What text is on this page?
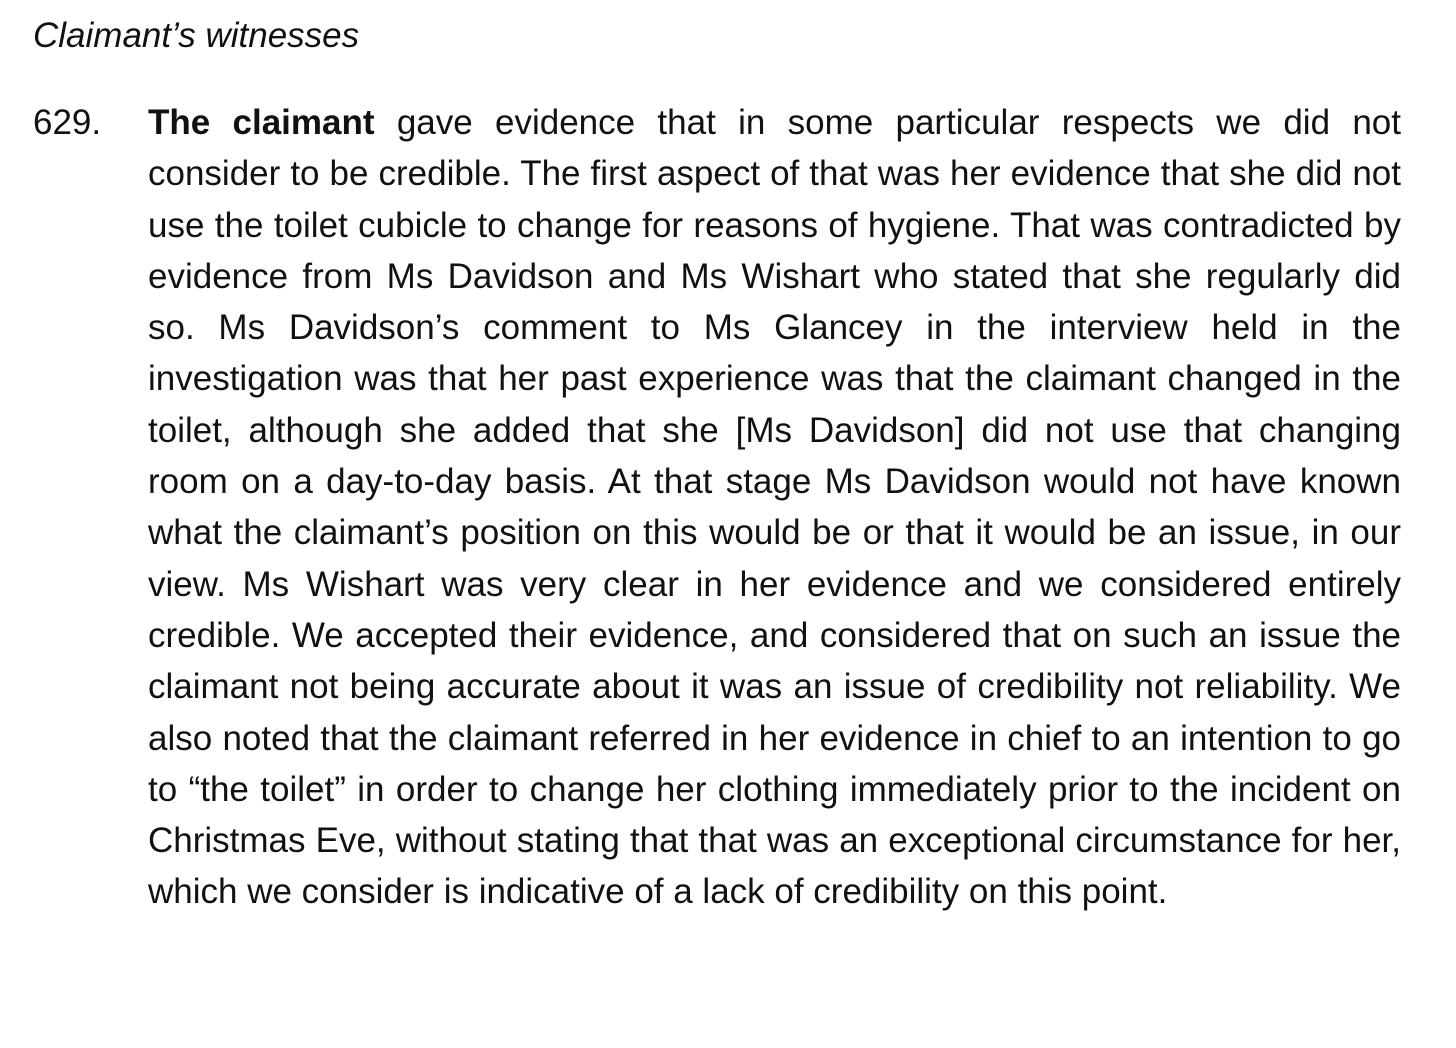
Claimant’s witnesses
629. The claimant gave evidence that in some particular respects we did not consider to be credible. The first aspect of that was her evidence that she did not use the toilet cubicle to change for reasons of hygiene. That was contradicted by evidence from Ms Davidson and Ms Wishart who stated that she regularly did so. Ms Davidson’s comment to Ms Glancey in the interview held in the investigation was that her past experience was that the claimant changed in the toilet, although she added that she [Ms Davidson] did not use that changing room on a day-to-day basis. At that stage Ms Davidson would not have known what the claimant’s position on this would be or that it would be an issue, in our view. Ms Wishart was very clear in her evidence and we considered entirely credible. We accepted their evidence, and considered that on such an issue the claimant not being accurate about it was an issue of credibility not reliability. We also noted that the claimant referred in her evidence in chief to an intention to go to “the toilet” in order to change her clothing immediately prior to the incident on Christmas Eve, without stating that that was an exceptional circumstance for her, which we consider is indicative of a lack of credibility on this point.
